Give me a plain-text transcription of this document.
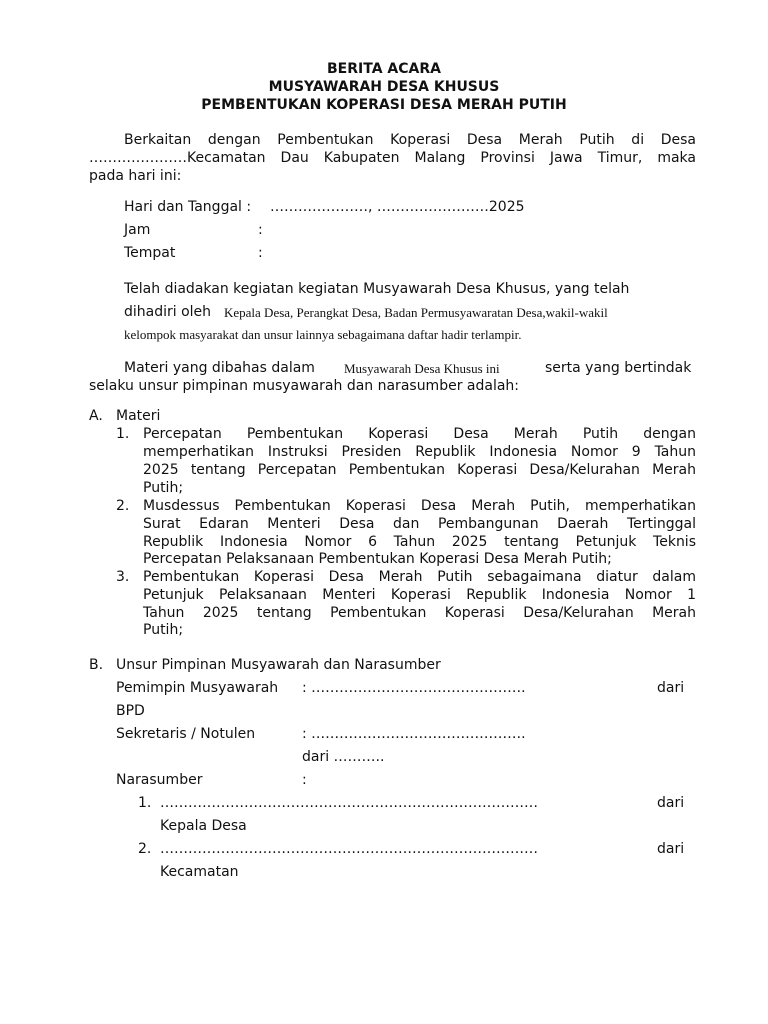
BERITA ACARA
MUSYAWARAH DESA KHUSUS
PEMBENTUKAN KOPERASI DESA MERAH PUTIH
Berkaitan dengan Pembentukan Koperasi Desa Merah Putih di Desa
…………………Kecamatan Dau Kabupaten Malang Provinsi Jawa Timur, maka
pada hari ini:
Hari dan Tanggal : …………………, ……………………2025
Jam	:
Tempat	:
Telah diadakan kegiatan kegiatan Musyawarah Desa Khusus, yang telah
dihadiri oleh Kepala Desa, Perangkat Desa, Badan Permusyawaratan Desa,wakil-wakil
kelompok masyarakat dan unsur lainnya sebagaimana daftar hadir terlampir.
Materi yang dibahas dalam Musyawarah Desa Khusus ini	serta yang bertindak
selaku unsur pimpinan musyawarah dan narasumber adalah:
A. Materi
1. Percepatan Pembentukan Koperasi Desa Merah Putih dengan
memperhatikan Instruksi Presiden Republik Indonesia Nomor 9 Tahun
2025 tentang Percepatan Pembentukan Koperasi Desa/Kelurahan Merah
Putih;
2. Musdessus Pembentukan Koperasi Desa Merah Putih, memperhatikan
Surat Edaran Menteri Desa dan Pembangunan Daerah Tertinggal
Republik Indonesia Nomor 6 Tahun 2025 tentang Petunjuk Teknis
Percepatan Pelaksanaan Pembentukan Koperasi Desa Merah Putih;
3. Pembentukan Koperasi Desa Merah Putih sebagaimana diatur dalam
Petunjuk Pelaksanaan Menteri Koperasi Republik Indonesia Nomor 1
Tahun 2025 tentang Pembentukan Koperasi Desa/Kelurahan Merah
Putih;
B. Unsur Pimpinan Musyawarah dan Narasumber
Pemimpin Musyawarah : ……………………………………….	dari
BPD
Sekretaris / Notulen	: ……………………………………….
dari ………..
Narasumber	:
1. ………………………………………………………………………	dari
Kepala Desa
2. ………………………………………………………………………	dari
Kecamatan
